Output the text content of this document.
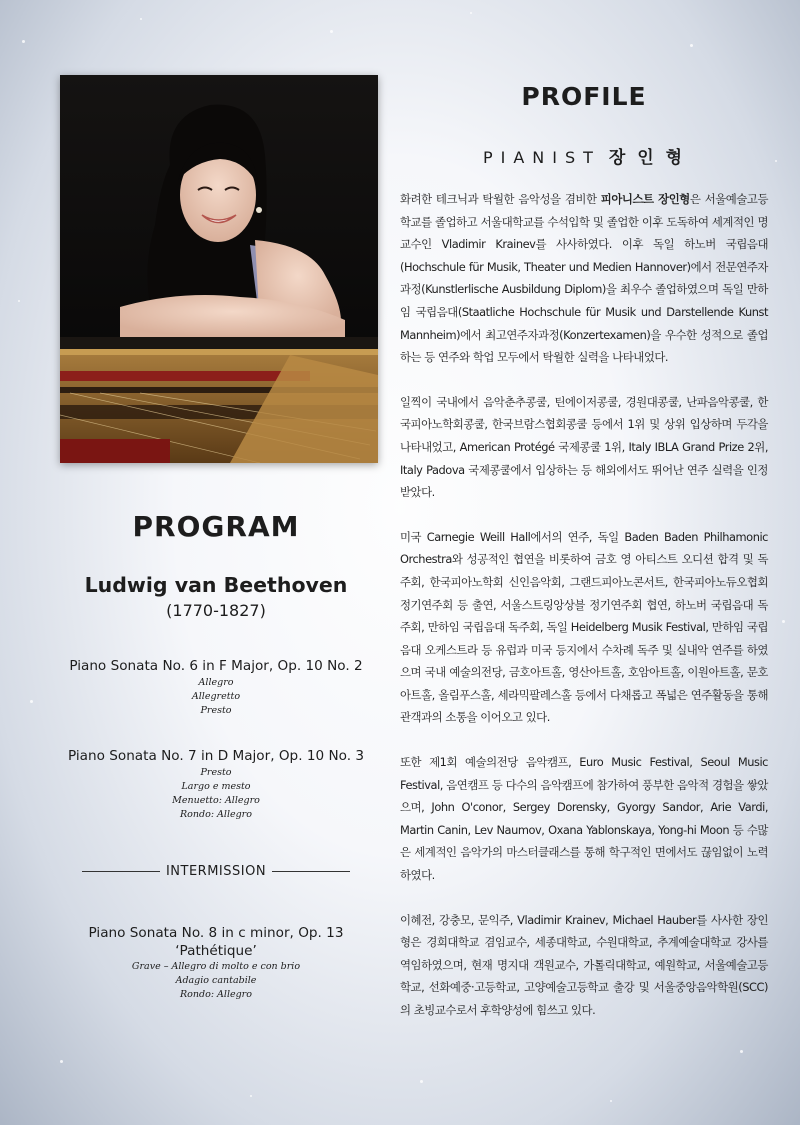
PROGRAM
Ludwig van Beethoven
(1770-1827)
Piano Sonata No. 6 in F Major, Op. 10 No. 2
Allegro
Allegretto
Presto
Piano Sonata No. 7 in D Major, Op. 10 No. 3
Presto
Largo e mesto
Menuetto: Allegro
Rondo: Allegro
INTERMISSION
Piano Sonata No. 8 in c minor, Op. 13
‘Pathétique’
Grave – Allegro di molto e con brio
Adagio cantabile
Rondo: Allegro
PROFILE
PIANIST 장 인 형

화려한 테크닉과 탁월한 음악성을 겸비한 피아니스트 장인형은 서울예술고등학교를 졸업하고 서울대학교를 수석입학 및 졸업한 이후 도독하여 세계적인 명교수인 Vladimir Krainev를 사사하였다. 이후 독일 하노버 국립음대(Hochschule für Musik, Theater und Medien Hannover)에서 전문연주자과정(Kunstlerlische Ausbildung Diplom)을 최우수 졸업하였으며 독일 만하임 국립음대(Staatliche Hochschule für Musik und Darstellende Kunst Mannheim)에서 최고연주자과정(Konzertexamen)을 우수한 성적으로 졸업하는 등 연주와 학업 모두에서 탁월한 실력을 나타내었다.

일찍이 국내에서 음악춘추콩쿨, 틴에이저콩쿨, 경원대콩쿨, 난파음악콩쿨, 한국피아노학회콩쿨, 한국브람스협회콩쿨 등에서 1위 및 상위 입상하며 두각을 나타내었고, American Protégé 국제콩쿨 1위, Italy IBLA Grand Prize 2위, Italy Padova 국제콩쿨에서 입상하는 등 해외에서도 뛰어난 연주 실력을 인정받았다.

미국 Carnegie Weill Hall에서의 연주, 독일 Baden Baden Philhamonic Orchestra와 성공적인 협연을 비롯하여 금호 영 아티스트 오디션 합격 및 독주회, 한국피아노학회 신인음악회, 그랜드피아노콘서트, 한국피아노듀오협회 정기연주회 등 출연, 서울스트링앙상블 정기연주회 협연, 하노버 국립음대 독주회, 만하임 국립음대 독주회, 독일 Heidelberg Musik Festival, 만하임 국립음대 오케스트라 등 유럽과 미국 등지에서 수차례 독주 및 실내악 연주를 하였으며 국내 예술의전당, 금호아트홀, 영산아트홀, 호암아트홀, 이원아트홀, 문호아트홀, 올림푸스홀, 세라믹팔레스홀 등에서 다채롭고 폭넓은 연주활동을 통해 관객과의 소통을 이어오고 있다.

또한 제1회 예술의전당 음악캠프, Euro Music Festival, Seoul Music Festival, 음연캠프 등 다수의 음악캠프에 참가하여 풍부한 음악적 경험을 쌓았으며, John O'conor, Sergey Dorensky, Gyorgy Sandor, Arie Vardi, Martin Canin, Lev Naumov, Oxana Yablonskaya, Yong-hi Moon 등 수많은 세계적인 음악가의 마스터클래스를 통해 학구적인 면에서도 끊임없이 노력하였다.

이혜전, 강충모, 문익주, Vladimir Krainev, Michael Hauber를 사사한 장인형은 경희대학교 겸임교수, 세종대학교, 수원대학교, 추계예술대학교 강사를 역임하였으며, 현재 명지대 객원교수, 가톨릭대학교, 예원학교, 서울예술고등학교, 선화예중·고등학교, 고양예술고등학교 출강 및 서울중앙음악학원(SCC)의 초빙교수로서 후학양성에 힘쓰고 있다.
